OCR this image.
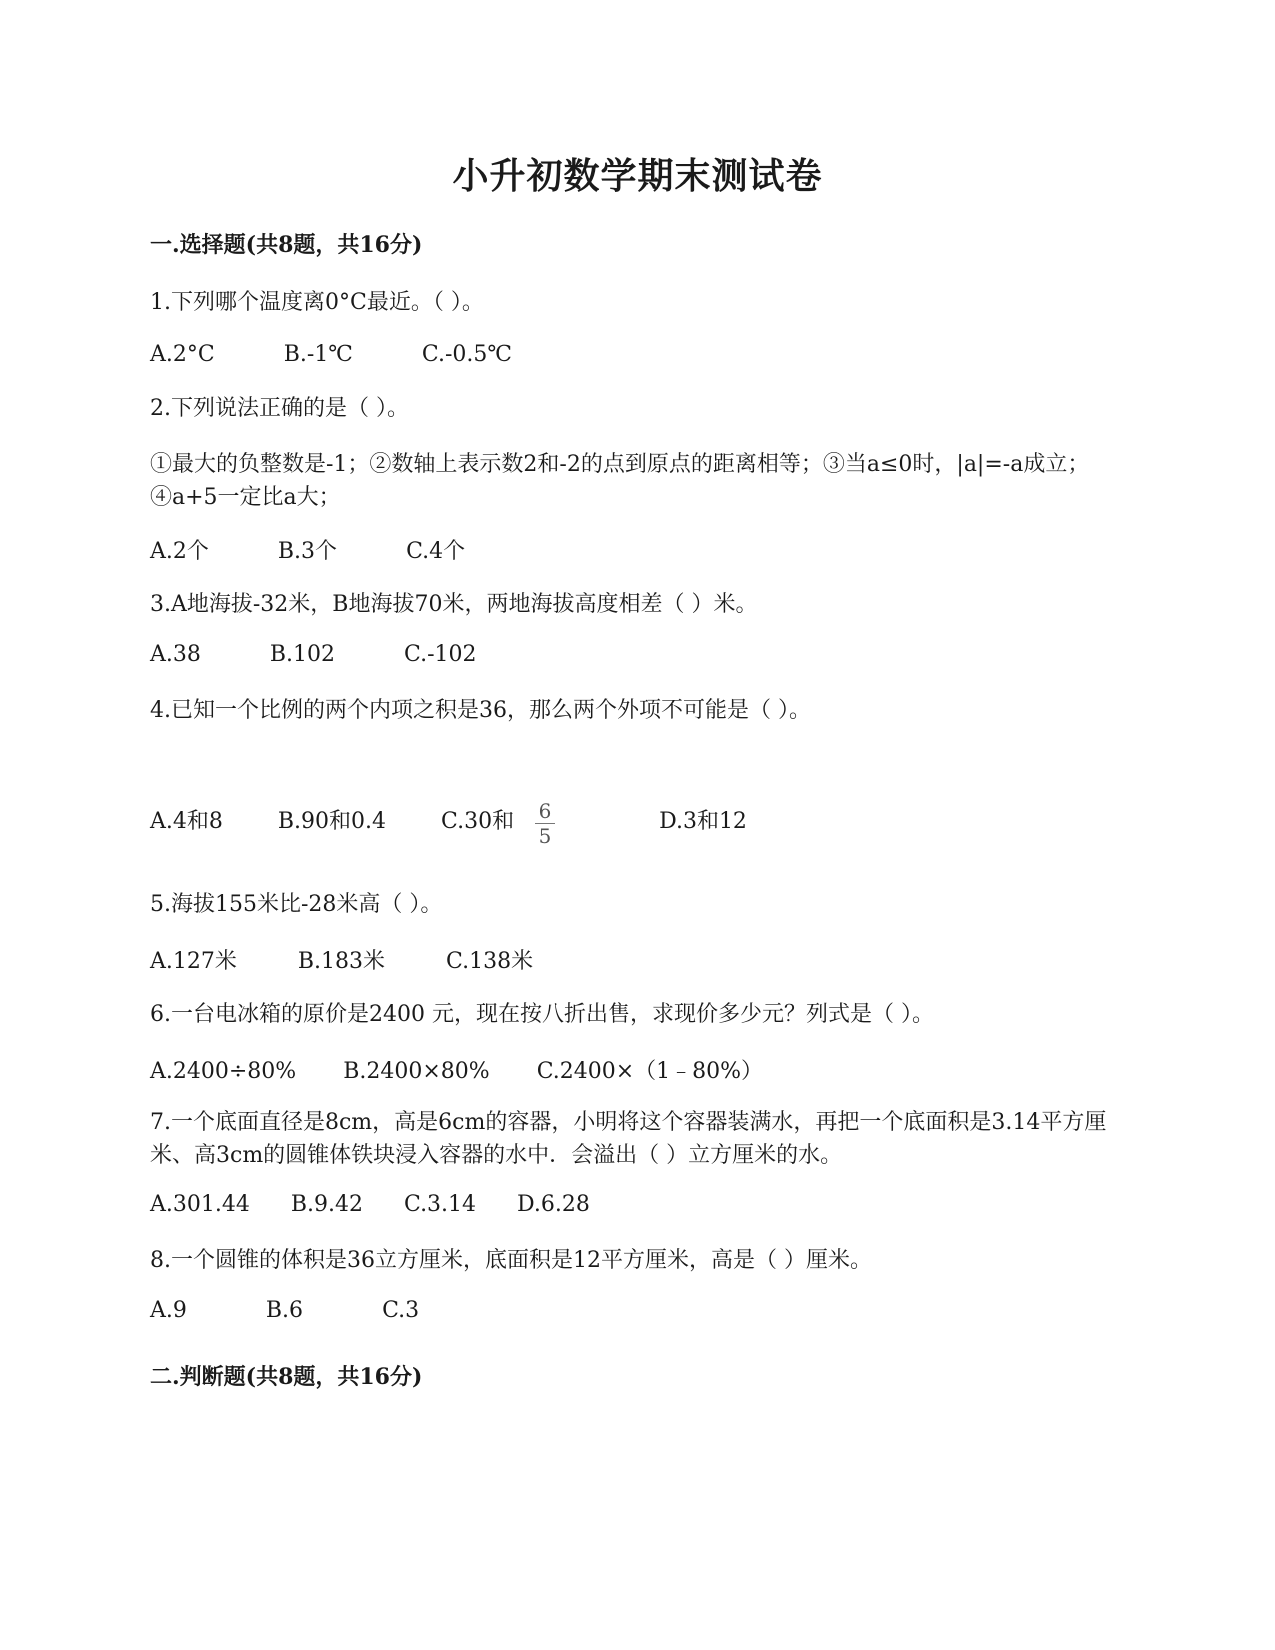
小升初数学期末测试卷
一.选择题(共8题，共16分)
1.下列哪个温度离0°C最近。（ ）。
A.2°C	B.-1℃	C.-0.5℃
2.下列说法正确的是（ ）。
①最大的负整数是-1；②数轴上表示数2和-2的点到原点的距离相等；③当a≤0时，|a|=-a成立；④a+5一定比a大；
A.2个	B.3个	C.4个
3.A地海拔-32米，B地海拔70米，两地海拔高度相差（ ）米。
A.38	B.102	C.-102
4.已知一个比例的两个内项之积是36，那么两个外项不可能是（ ）。
6
5
A.4和8	B.90和0.4	C.30和	D.3和12
5.海拔155米比-28米高（ ）。
A.127米	B.183米	C.138米
6.一台电冰箱的原价是2400 元，现在按八折出售，求现价多少元？列式是（ ）。
A.2400÷80% B.2400×80% C.2400×（1﹣80%）
7.一个底面直径是8cm，高是6cm的容器，小明将这个容器装满水，再把一个底面积是3.14平方厘米、高3cm的圆锥体铁块浸入容器的水中．会溢出（ ）立方厘米的水。
A.301.44 B.9.42 C.3.14 D.6.28
8.一个圆锥的体积是36立方厘米，底面积是12平方厘米，高是（ ）厘米。
A.9	B.6	C.3
二.判断题(共8题，共16分)
